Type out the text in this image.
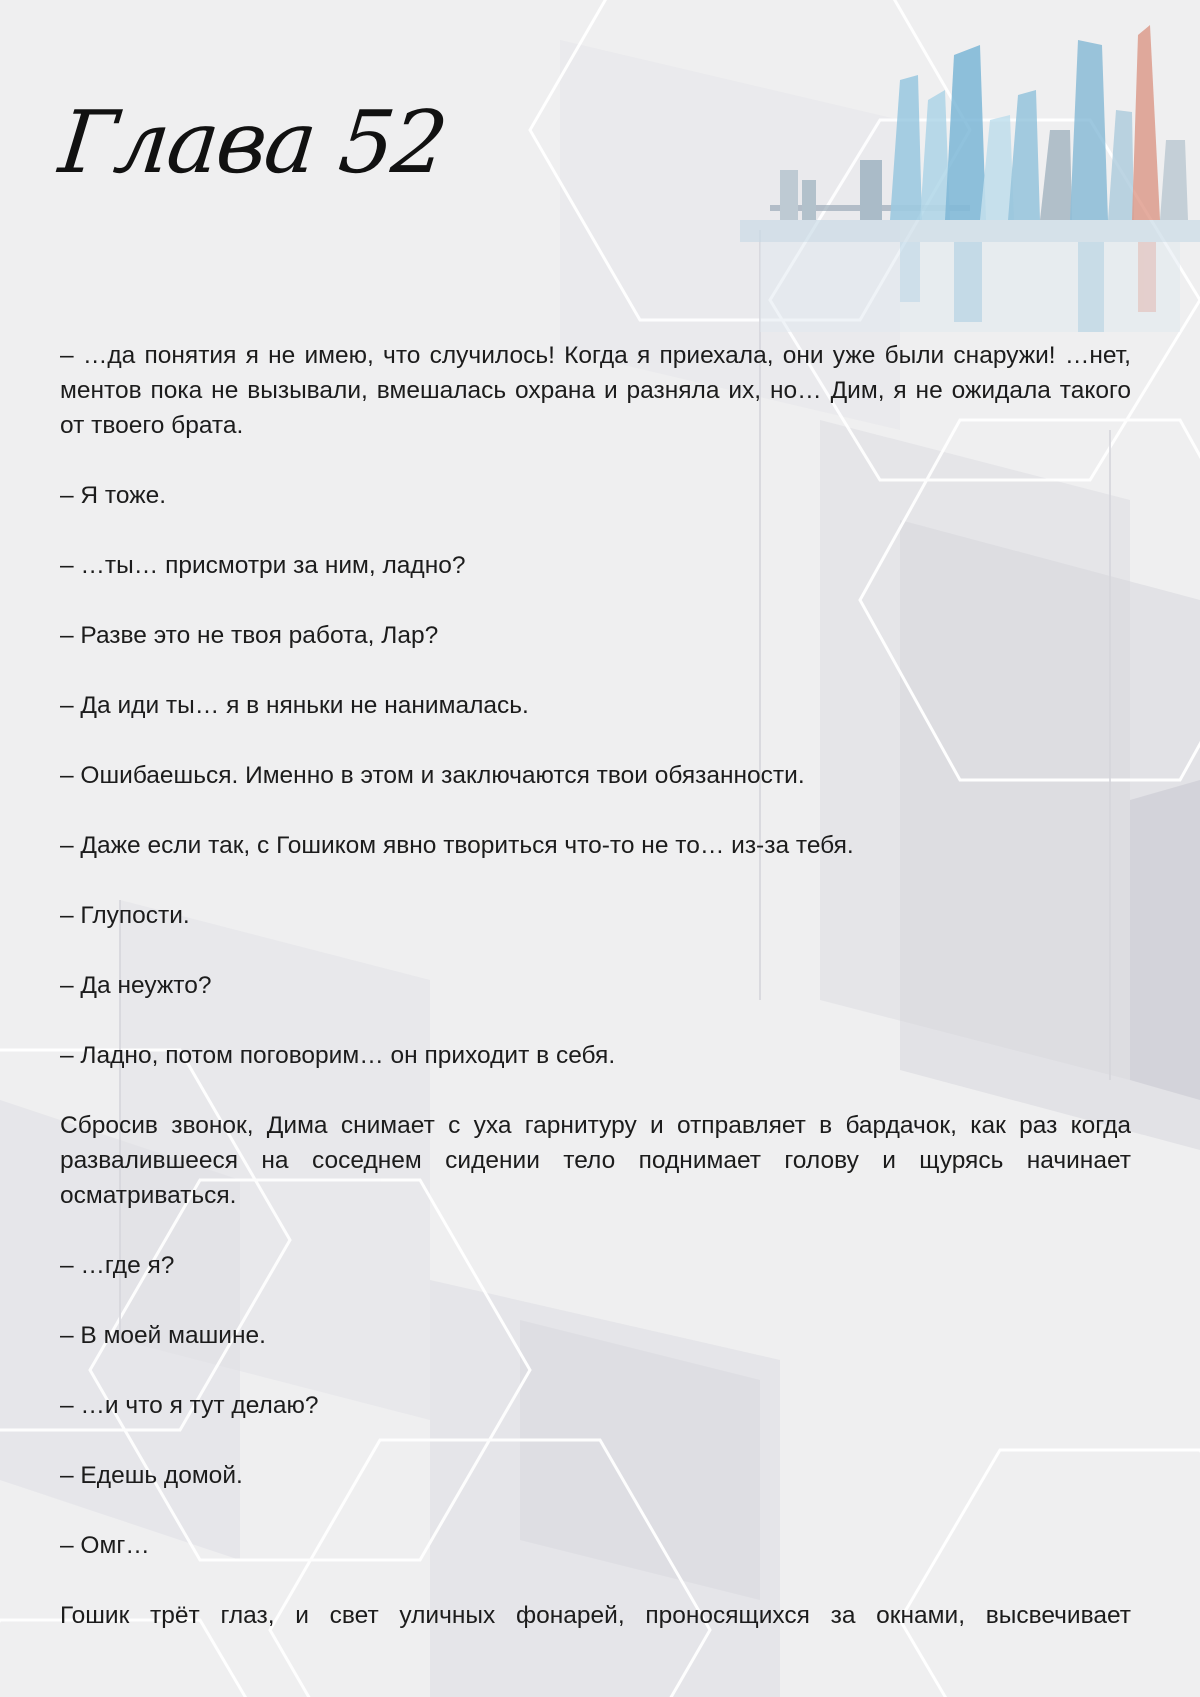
Глава 52

– …да понятия я не имею, что случилось! Когда я приехала, они уже были снаружи! …нет, ментов пока не вызывали, вмешалась охрана и разняла их, но… Дим, я не ожидала такого от твоего брата.

– Я тоже.

– …ты… присмотри за ним, ладно?

– Разве это не твоя работа, Лар?

– Да иди ты… я в няньки не нанималась.

– Ошибаешься. Именно в этом и заключаются твои обязанности.

– Даже если так, с Гошиком явно твориться что-то не то… из-за тебя.

– Глупости.

– Да неужто?

– Ладно, потом поговорим… он приходит в себя.

Сбросив звонок, Дима снимает с уха гарнитуру и отправляет в бардачок, как раз когда развалившееся на соседнем сидении тело поднимает голову и щурясь начинает осматриваться.

– …где я?

– В моей машине.

– …и что я тут делаю?

– Едешь домой.

– Омг…

Гошик трёт глаз, и свет уличных фонарей, проносящихся за окнами, высвечивает
